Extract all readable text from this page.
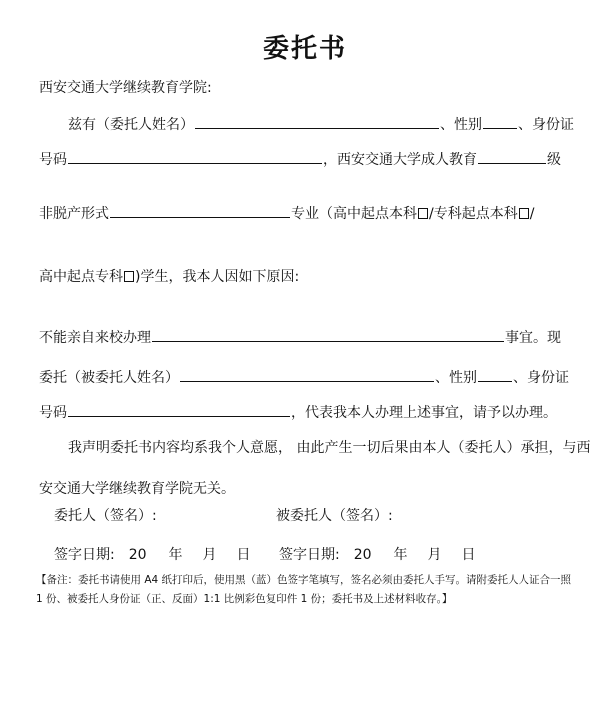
委托书
西安交通大学继续教育学院:
兹有（委托人姓名）	、性别	、身份证
号码	，西安交通大学成人教育	级
非脱产形式	专业（高中起点本科 /专科起点本科 /
高中起点专科 )学生，我本人因如下原因:
不能亲自来校办理	事宜。现
委托（被委托人姓名）	、性别	、身份证
号码	，代表我本人办理上述事宜，请予以办理。
我声明委托书内容均系我个人意愿， 由此产生一切后果由本人（委托人）承担，与西
安交通大学继续教育学院无关。
委托人（签名）:	被委托人（签名）:
签字日期: 20 年 月 日 签字日期: 20 年 月 日
【备注：委托书请使用 A4 纸打印后，使用黑（蓝）色签字笔填写，签名必须由委托人手写。请附委托人人证合一照 1 份、被委托人身份证（正、反面）1:1 比例彩色复印件 1 份；委托书及上述材料收存。】
